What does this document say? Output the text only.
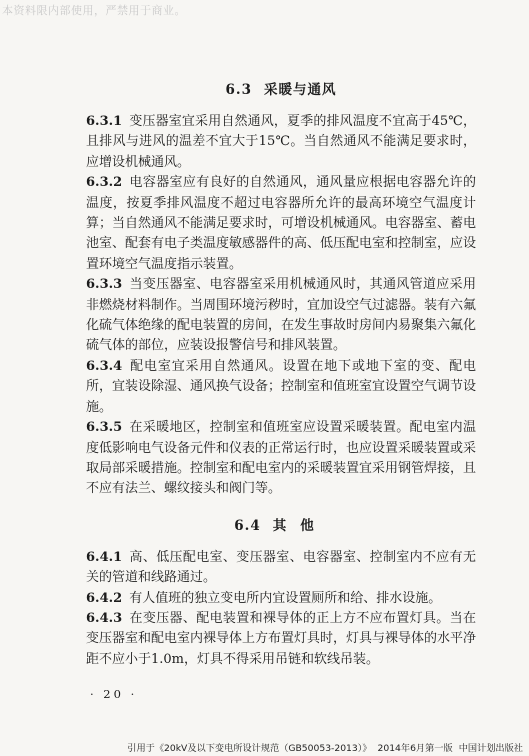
本资料限内部使用，严禁用于商业。
6.3 采暖与通风

6.3.1 变压器室宜采用自然通风，夏季的排风温度不宜高于45℃，且排风与进风的温差不宜大于15℃。当自然通风不能满足要求时，应增设机械通风。

6.3.2 电容器室应有良好的自然通风，通风量应根据电容器允许的温度，按夏季排风温度不超过电容器所允许的最高环境空气温度计算；当自然通风不能满足要求时，可增设机械通风。电容器室、蓄电池室、配套有电子类温度敏感器件的高、低压配电室和控制室，应设置环境空气温度指示装置。

6.3.3 当变压器室、电容器室采用机械通风时，其通风管道应采用非燃烧材料制作。当周围环境污秽时，宜加设空气过滤器。装有六氟化硫气体绝缘的配电装置的房间，在发生事故时房间内易聚集六氟化硫气体的部位，应装设报警信号和排风装置。

6.3.4 配电室宜采用自然通风。设置在地下或地下室的变、配电所，宜装设除湿、通风换气设备；控制室和值班室宜设置空气调节设施。

6.3.5 在采暖地区，控制室和值班室应设置采暖装置。配电室内温度低影响电气设备元件和仪表的正常运行时，也应设置采暖装置或采取局部采暖措施。控制室和配电室内的采暖装置宜采用钢管焊接，且不应有法兰、螺纹接头和阀门等。

6.4 其他

6.4.1 高、低压配电室、变压器室、电容器室、控制室内不应有无关的管道和线路通过。

6.4.2 有人值班的独立变电所内宜设置厕所和给、排水设施。

6.4.3 在变压器、配电装置和裸导体的正上方不应布置灯具。当在变压器室和配电室内裸导体上方布置灯具时，灯具与裸导体的水平净距不应小于1.0m，灯具不得采用吊链和软线吊装。

· 20 ·
引用于《20kV及以下变电所设计规范（GB50053-2013）》 2014年6月第一版 中国计划出版社
